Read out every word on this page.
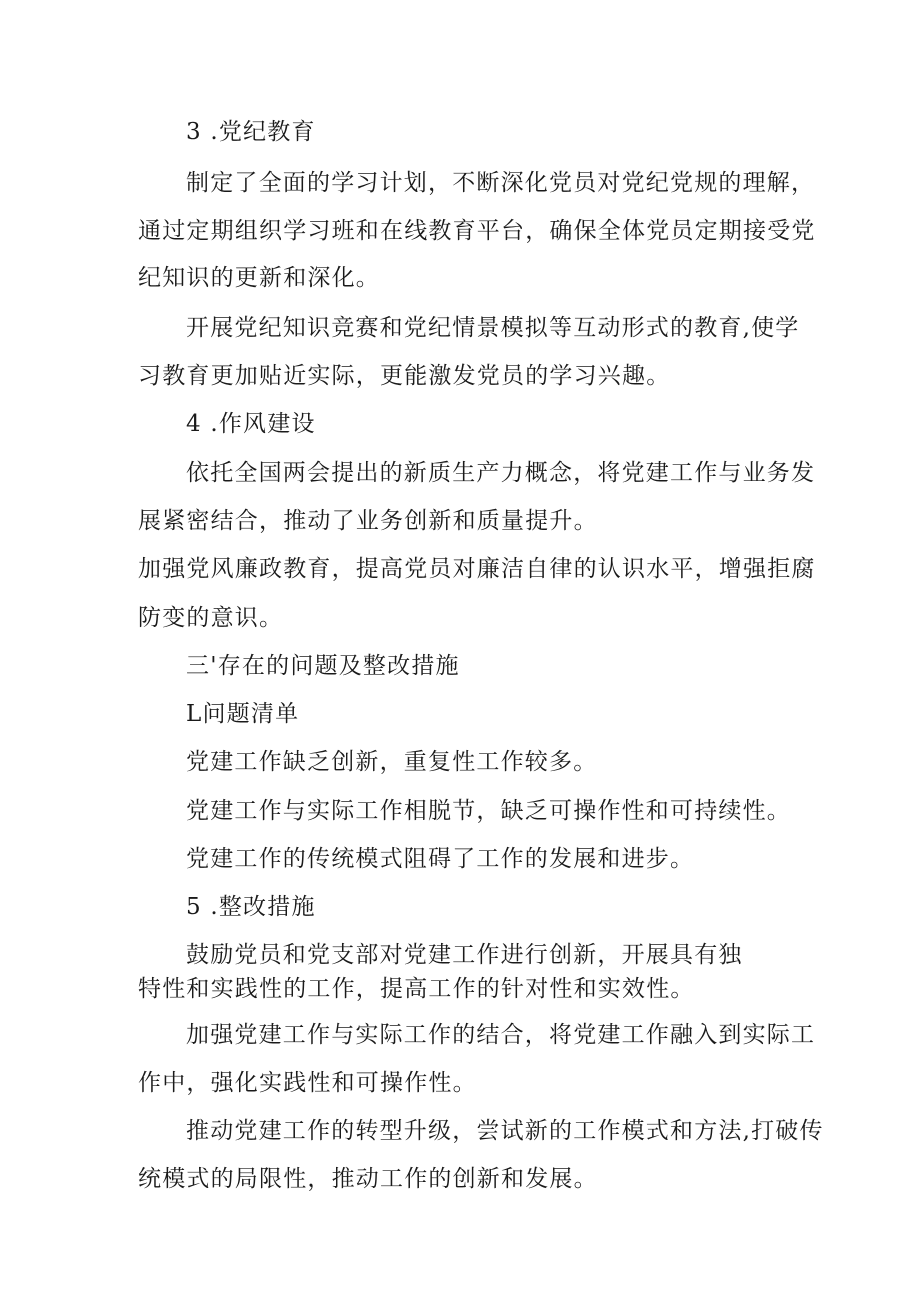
3 .党纪教育
制定了全面的学习计划，不断深化党员对党纪党规的理解，
通过定期组织学习班和在线教育平台，确保全体党员定期接受党
纪知识的更新和深化。
开展党纪知识竞赛和党纪情景模拟等互动形式的教育,使学
习教育更加贴近实际，更能激发党员的学习兴趣。
4 .作风建设
依托全国两会提出的新质生产力概念，将党建工作与业务发
展紧密结合，推动了业务创新和质量提升。
加强党风廉政教育，提高党员对廉洁自律的认识水平，增强拒腐
防变的意识。
三'存在的问题及整改措施
L问题清单
党建工作缺乏创新，重复性工作较多。
党建工作与实际工作相脱节，缺乏可操作性和可持续性。
党建工作的传统模式阻碍了工作的发展和进步。
5 .整改措施
鼓励党员和党支部对党建工作进行创新，开展具有独
特性和实践性的工作，提高工作的针对性和实效性。
加强党建工作与实际工作的结合，将党建工作融入到实际工
作中，强化实践性和可操作性。
推动党建工作的转型升级，尝试新的工作模式和方法,打破传
统模式的局限性，推动工作的创新和发展。
